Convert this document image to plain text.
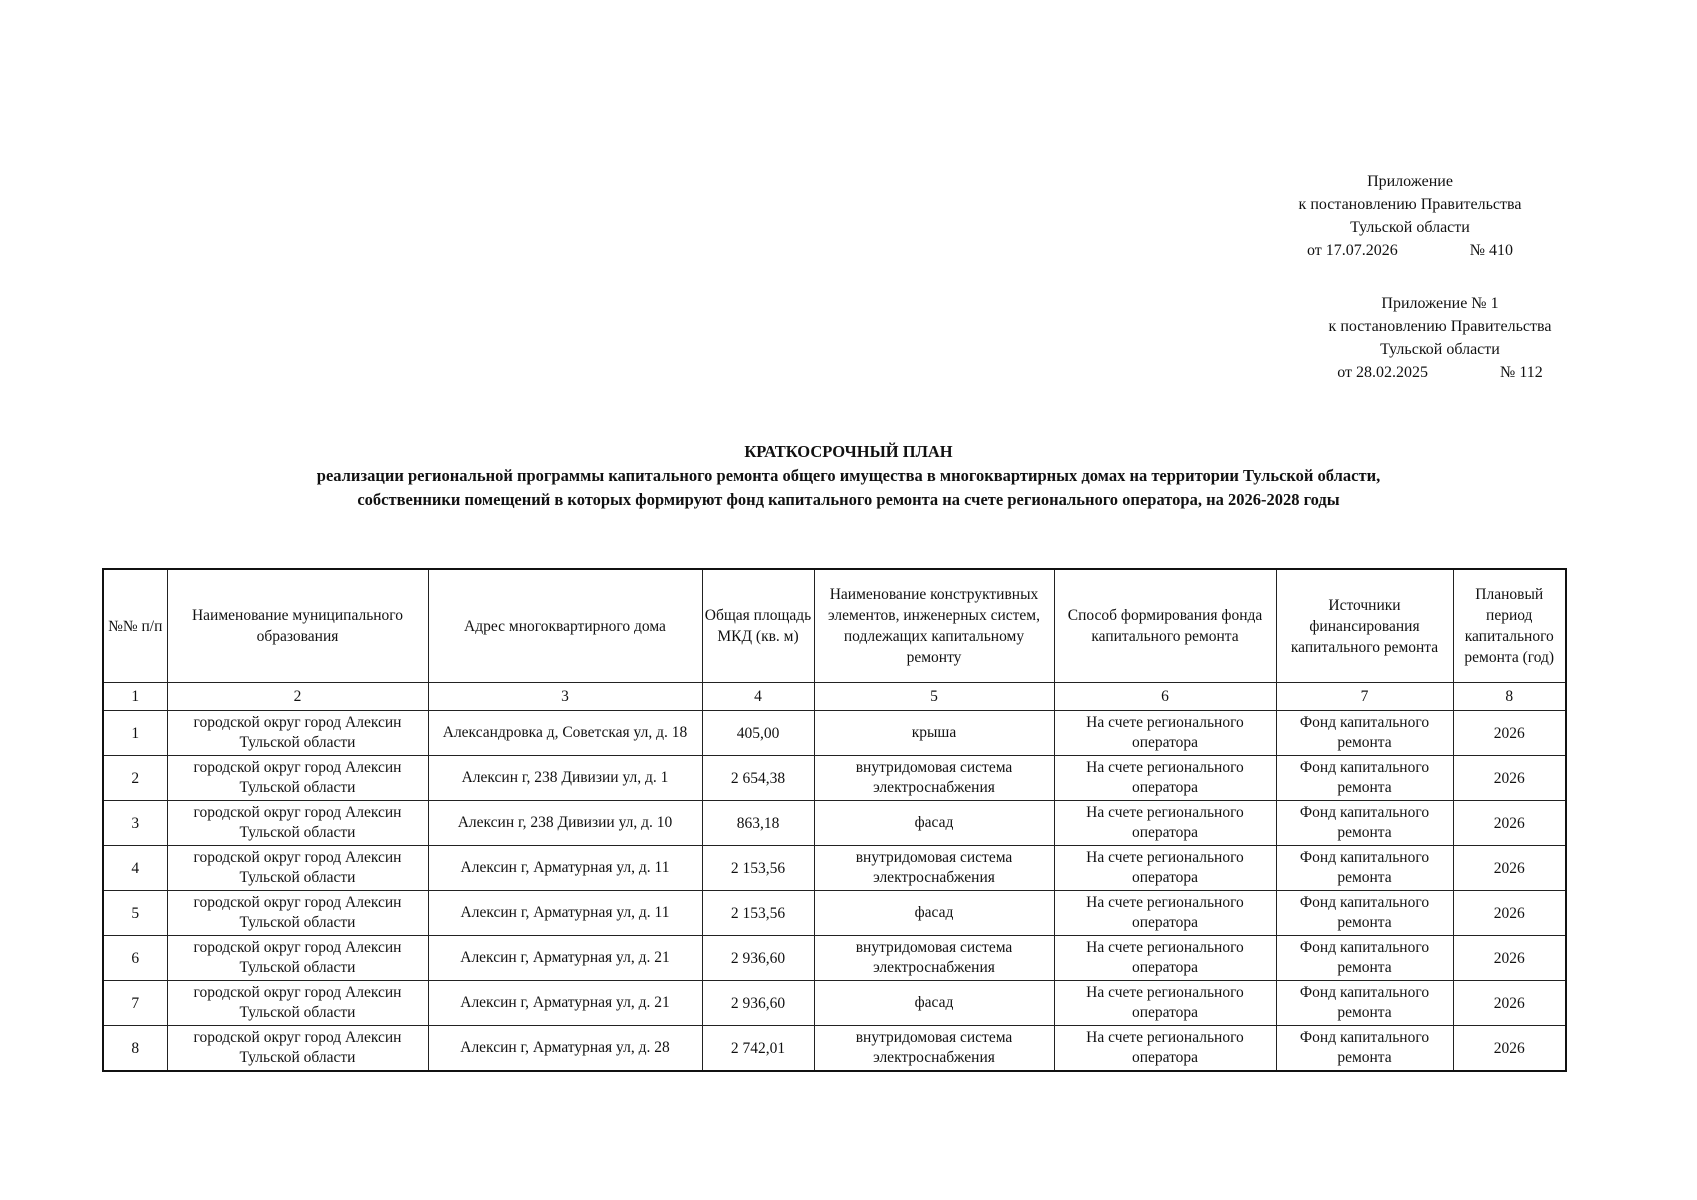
Приложение
к постановлению Правительства
Тульской области
от 17.07.2026	№ 410
Приложение № 1
к постановлению Правительства
Тульской области
от 28.02.2025	№ 112
КРАТКОСРОЧНЫЙ ПЛАН
реализации региональной программы капитального ремонта общего имущества в многоквартирных домах на территории Тульской области,
собственники помещений в которых формируют фонд капитального ремонта на счете регионального оператора, на 2026-2028 годы
№№ п/п	Наименование муниципального образования	Адрес многоквартирного дома	Общая площадь МКД (кв. м)	Наименование конструктивных элементов, инженерных систем, подлежащих капитальному ремонту	Способ формирования фонда капитального ремонта	Источники финансирования капитального ремонта	Плановый период капитального ремонта (год)
1	2	3	4	5	6	7	8
1	городской округ город Алексин Тульской области	Александровка д, Советская ул, д. 18	405,00	крыша	На счете регионального оператора	Фонд капитального ремонта	2026
2	городской округ город Алексин Тульской области	Алексин г, 238 Дивизии ул, д. 1	2 654,38	внутридомовая система электроснабжения	На счете регионального оператора	Фонд капитального ремонта	2026
3	городской округ город Алексин Тульской области	Алексин г, 238 Дивизии ул, д. 10	863,18	фасад	На счете регионального оператора	Фонд капитального ремонта	2026
4	городской округ город Алексин Тульской области	Алексин г, Арматурная ул, д. 11	2 153,56	внутридомовая система электроснабжения	На счете регионального оператора	Фонд капитального ремонта	2026
5	городской округ город Алексин Тульской области	Алексин г, Арматурная ул, д. 11	2 153,56	фасад	На счете регионального оператора	Фонд капитального ремонта	2026
6	городской округ город Алексин Тульской области	Алексин г, Арматурная ул, д. 21	2 936,60	внутридомовая система электроснабжения	На счете регионального оператора	Фонд капитального ремонта	2026
7	городской округ город Алексин Тульской области	Алексин г, Арматурная ул, д. 21	2 936,60	фасад	На счете регионального оператора	Фонд капитального ремонта	2026
8	городской округ город Алексин Тульской области	Алексин г, Арматурная ул, д. 28	2 742,01	внутридомовая система электроснабжения	На счете регионального оператора	Фонд капитального ремонта	2026
